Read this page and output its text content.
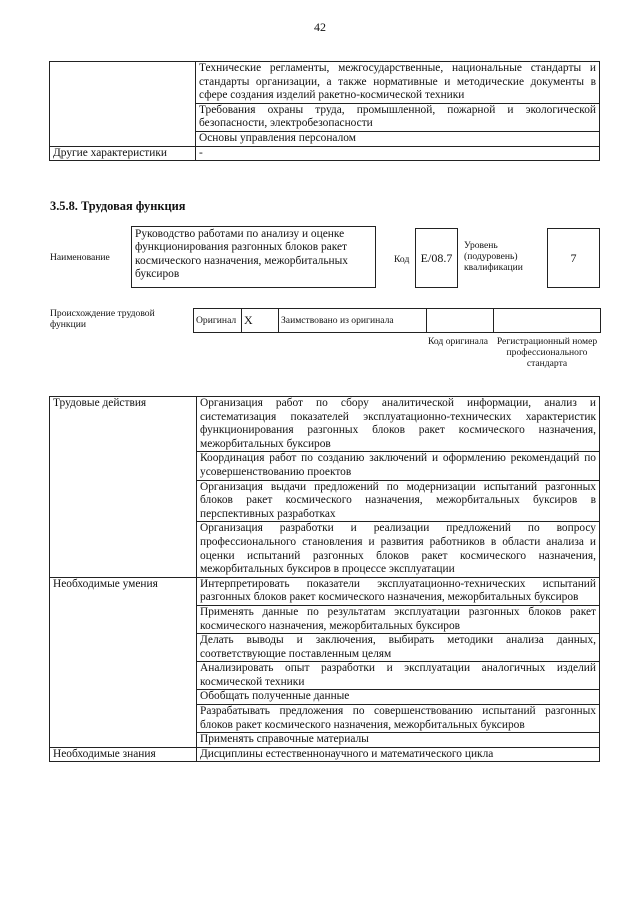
42
	Технические регламенты, межгосударственные, национальные стандарты и стандарты организации, а также нормативные и методические документы в сфере создания изделий ракетно-космической техники
	Требования охраны труда, промышленной, пожарной и экологической безопасности, электробезопасности
	Основы управления персоналом
Другие характеристики	-
3.5.8. Трудовая функция
Наименование
Руководство работами по анализу и оценке функционирования разгонных блоков ракет космического назначения, межорбитальных буксиров
Код E/08.7
Уровень (подуровень) квалификации
7
Происхождение трудовой функции	Оригинал	X	Заимствовано из оригинала		
Код оригинала Регистрационный номер профессионального стандарта
Трудовые действия	Организация работ по сбору аналитической информации, анализ и систематизация показателей эксплуатационно-технических характеристик функционирования разгонных блоков ракет космического назначения, межорбитальных буксиров
	Координация работ по созданию заключений и оформлению рекомендаций по усовершенствованию проектов
	Организация выдачи предложений по модернизации испытаний разгонных блоков ракет космического назначения, межорбитальных буксиров в перспективных разработках
	Организация разработки и реализации предложений по вопросу профессионального становления и развития работников в области анализа и оценки испытаний разгонных блоков ракет космического назначения, межорбитальных буксиров в процессе эксплуатации
Необходимые умения	Интерпретировать показатели эксплуатационно-технических испытаний разгонных блоков ракет космического назначения, межорбитальных буксиров
	Применять данные по результатам эксплуатации разгонных блоков ракет космического назначения, межорбитальных буксиров
	Делать выводы и заключения, выбирать методики анализа данных, соответствующие поставленным целям
	Анализировать опыт разработки и эксплуатации аналогичных изделий космической техники
	Обобщать полученные данные
	Разрабатывать предложения по совершенствованию испытаний разгонных блоков ракет космического назначения, межорбитальных буксиров
	Применять справочные материалы
Необходимые знания	Дисциплины естественнонаучного и математического цикла
